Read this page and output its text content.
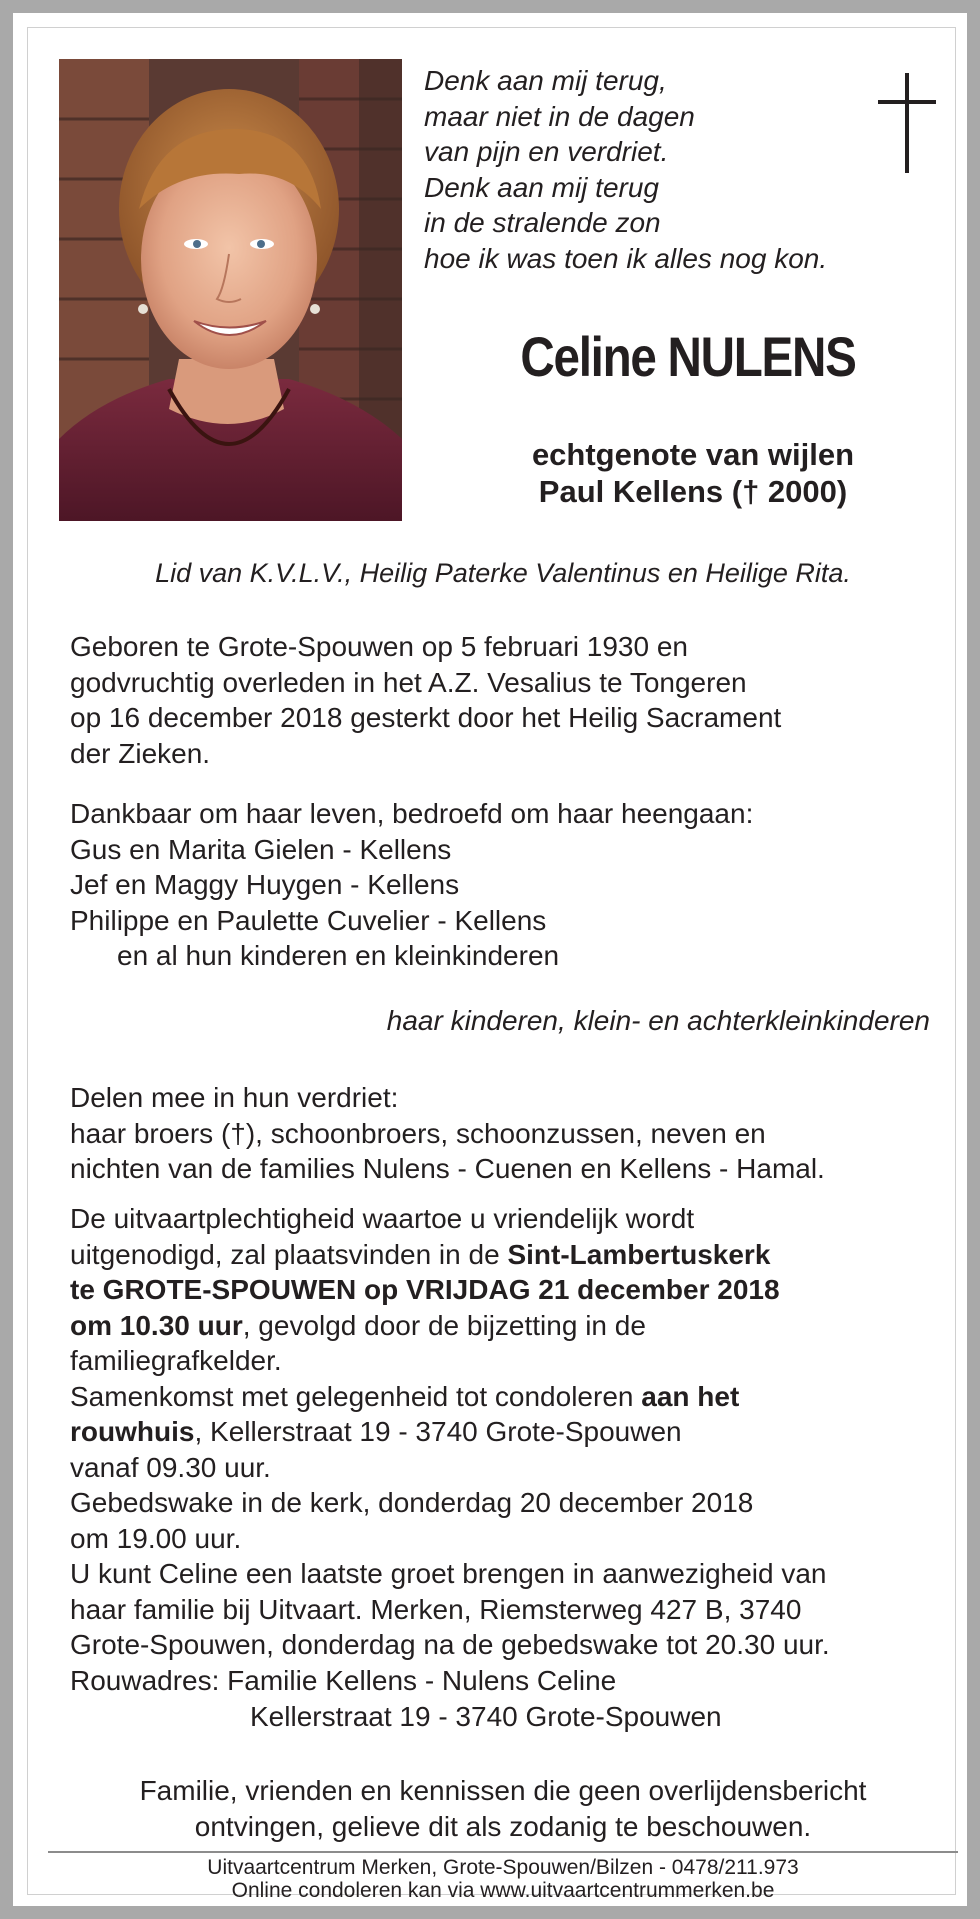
Denk aan mij terug,
maar niet in de dagen
van pijn en verdriet.
Denk aan mij terug
in de stralende zon
hoe ik was toen ik alles nog kon.
Celine NULENS
echtgenote van wijlen
Paul Kellens († 2000)
Lid van K.V.L.V., Heilig Paterke Valentinus en Heilige Rita.
Geboren te Grote-Spouwen op 5 februari 1930 en
godvruchtig overleden in het A.Z. Vesalius te Tongeren
op 16 december 2018 gesterkt door het Heilig Sacrament
der Zieken.
Dankbaar om haar leven, bedroefd om haar heengaan:
Gus en Marita Gielen - Kellens
Jef en Maggy Huygen - Kellens
Philippe en Paulette Cuvelier - Kellens
en al hun kinderen en kleinkinderen
haar kinderen, klein- en achterkleinkinderen
Delen mee in hun verdriet:
haar broers (†), schoonbroers, schoonzussen, neven en
nichten van de families Nulens - Cuenen en Kellens - Hamal.
De uitvaartplechtigheid waartoe u vriendelijk wordt
uitgenodigd, zal plaatsvinden in de Sint-Lambertuskerk
te GROTE-SPOUWEN op VRIJDAG 21 december 2018
om 10.30 uur, gevolgd door de bijzetting in de
familiegrafkelder.
Samenkomst met gelegenheid tot condoleren aan het
rouwhuis, Kellerstraat 19 - 3740 Grote-Spouwen
vanaf 09.30 uur.
Gebedswake in de kerk, donderdag 20 december 2018
om 19.00 uur.
U kunt Celine een laatste groet brengen in aanwezigheid van
haar familie bij Uitvaart. Merken, Riemsterweg 427 B, 3740
Grote-Spouwen, donderdag na de gebedswake tot 20.30 uur.
Rouwadres: Familie Kellens - Nulens Celine
Kellerstraat 19 - 3740 Grote-Spouwen
Familie, vrienden en kennissen die geen overlijdensbericht
ontvingen, gelieve dit als zodanig te beschouwen.
Uitvaartcentrum Merken, Grote-Spouwen/Bilzen - 0478/211.973
Online condoleren kan via www.uitvaartcentrummerken.be
